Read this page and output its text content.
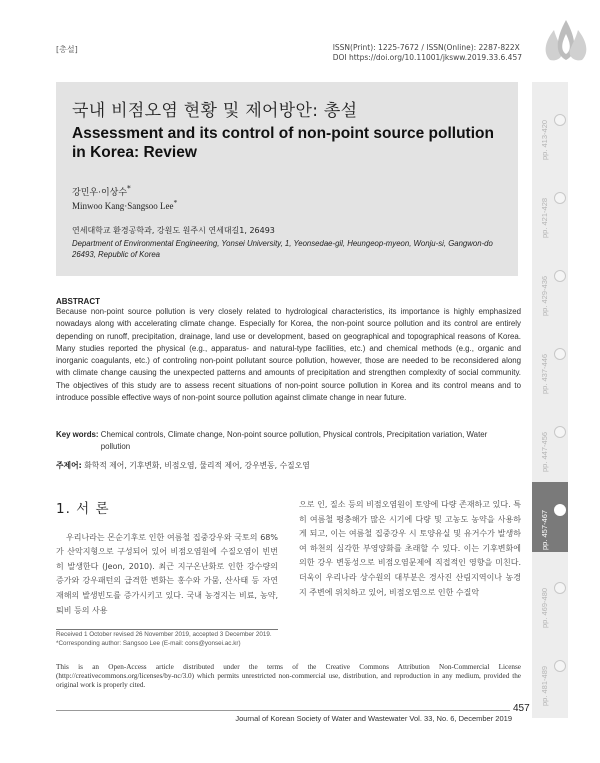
[총설]	ISSN(Print): 1225-7672 / ISSN(Online): 2287-822X
DOI https://doi.org/10.11001/jksww.2019.33.6.457
국내 비점오염 현황 및 제어방안: 총설
Assessment and its control of non-point source pollution in Korea: Review
강민우·이상수*
Minwoo Kang·Sangsoo Lee*
연세대학교 환경공학과, 강원도 원주시 연세대길1, 26493
Department of Environmental Engineering, Yonsei University, 1, Yeonsedae-gil, Heungeop-myeon, Wonju-si, Gangwon-do 26493, Republic of Korea
pp. 413-420
pp. 421-428
pp. 429-436
pp. 437-446
pp. 447-456
pp. 457-467
pp. 469-480
pp. 481-489
ABSTRACT
Because non-point source pollution is very closely related to hydrological characteristics, its importance is highly emphasized nowadays along with accelerating climate change. Especially for Korea, the non-point source pollution and its control are entirely depending on runoff, precipitation, drainage, land use or development, based on geographical and topographical reasons of Korea. Many studies reported the physical (e.g., apparatus- and natural-type facilities, etc.) and chemical methods (e.g., organic and inorganic coagulants, etc.) of controling non-point pollutant source pollution, however, those are needed to be reconsidered along with climate change causing the unexpected patterns and amounts of precipitation and strengthen complexity of social community. The objectives of this study are to assess recent situations of non-point source pollution in Korea and its control means and to introduce possible effective ways of non-point source pollution against climate change in near future.
Key words: Chemical controls, Climate change, Non-point source pollution, Physical controls, Precipitation variation, Water pollution
주제어: 화학적 제어, 기후변화, 비점오염, 물리적 제어, 강우변동, 수질오염
1. 서 론

우리나라는 몬순기후로 인한 여름철 집중강우와 국토의 68%가 산악지형으로 구성되어 있어 비점오염원에 수질오염이 빈번히 발생한다 (Jeon, 2010). 최근 지구온난화로 인한 강수량의 증가와 강우패턴의 급격한 변화는 홍수와 가뭄, 산사태 등 자연재해의 발생빈도를 증가시키고 있다. 국내 농경지는 비료, 농약, 퇴비 등의 사용

으로 인, 질소 등의 비점오염원이 토양에 다량 존재하고 있다. 특히 여름철 평충해가 많은 시기에 다량 및 고농도 농약을 사용하게 되고, 이는 여름철 집중강우 시 토양유실 및 유거수가 발생하여 하천의 심각한 부영양화를 초래할 수 있다. 이는 기후변화에 의한 강우 변동성으로 비점오염문제에 직접적인 영향을 미친다. 더욱이 우리나라 상수원의 대부분은 경사진 산림지역이나 농경지 주변에 위치하고 있어, 비점오염으로 인한 수질악

Received 1 October revised 26 November 2019, accepted 3 December 2019.
*Corresponding author: Sangsoo Lee (E-mail: cons@yonsei.ac.kr)
This is an Open-Access article distributed under the terms of the Creative Commons Attribution Non-Commercial License (http://creativecommons.org/licenses/by-nc/3.0) which permits unrestricted non-commercial use, distribution, and reproduction in any medium, provided the original work is properly cited.
457
Journal of Korean Society of Water and Wastewater Vol. 33, No. 6, December 2019
